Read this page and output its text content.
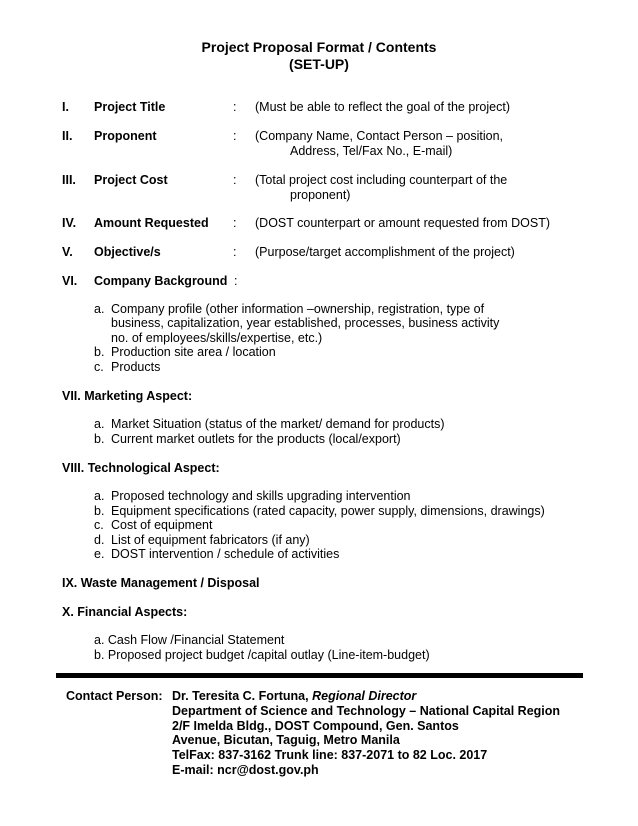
Project Proposal Format / Contents
(SET-UP)
I. Project Title	: (Must be able to reflect the goal of the project)
II. Proponent	: (Company Name, Contact Person – position,
Address, Tel/Fax No., E-mail)
III. Project Cost	: (Total project cost including counterpart of the
proponent)
IV. Amount Requested : (DOST counterpart or amount requested from DOST)
V. Objective/s	: (Purpose/target accomplishment of the project)
VI. Company Background :
a. Company profile (other information –ownership, registration, type of
business, capitalization, year established, processes, business activity
no. of employees/skills/expertise, etc.)
b. Production site area / location
c. Products
VII. Marketing Aspect:
a. Market Situation (status of the market/ demand for products)
b. Current market outlets for the products (local/export)
VIII. Technological Aspect:
a. Proposed technology and skills upgrading intervention
b. Equipment specifications (rated capacity, power supply, dimensions, drawings)
c. Cost of equipment
d. List of equipment fabricators (if any)
e. DOST intervention / schedule of activities
IX. Waste Management / Disposal
X. Financial Aspects:
a. Cash Flow /Financial Statement
b. Proposed project budget /capital outlay (Line-item-budget)
Contact Person: Dr. Teresita C. Fortuna, Regional Director
Department of Science and Technology – National Capital Region
2/F Imelda Bldg., DOST Compound, Gen. Santos
Avenue, Bicutan, Taguig, Metro Manila
TelFax: 837-3162 Trunk line: 837-2071 to 82 Loc. 2017
E-mail: ncr@dost.gov.ph
